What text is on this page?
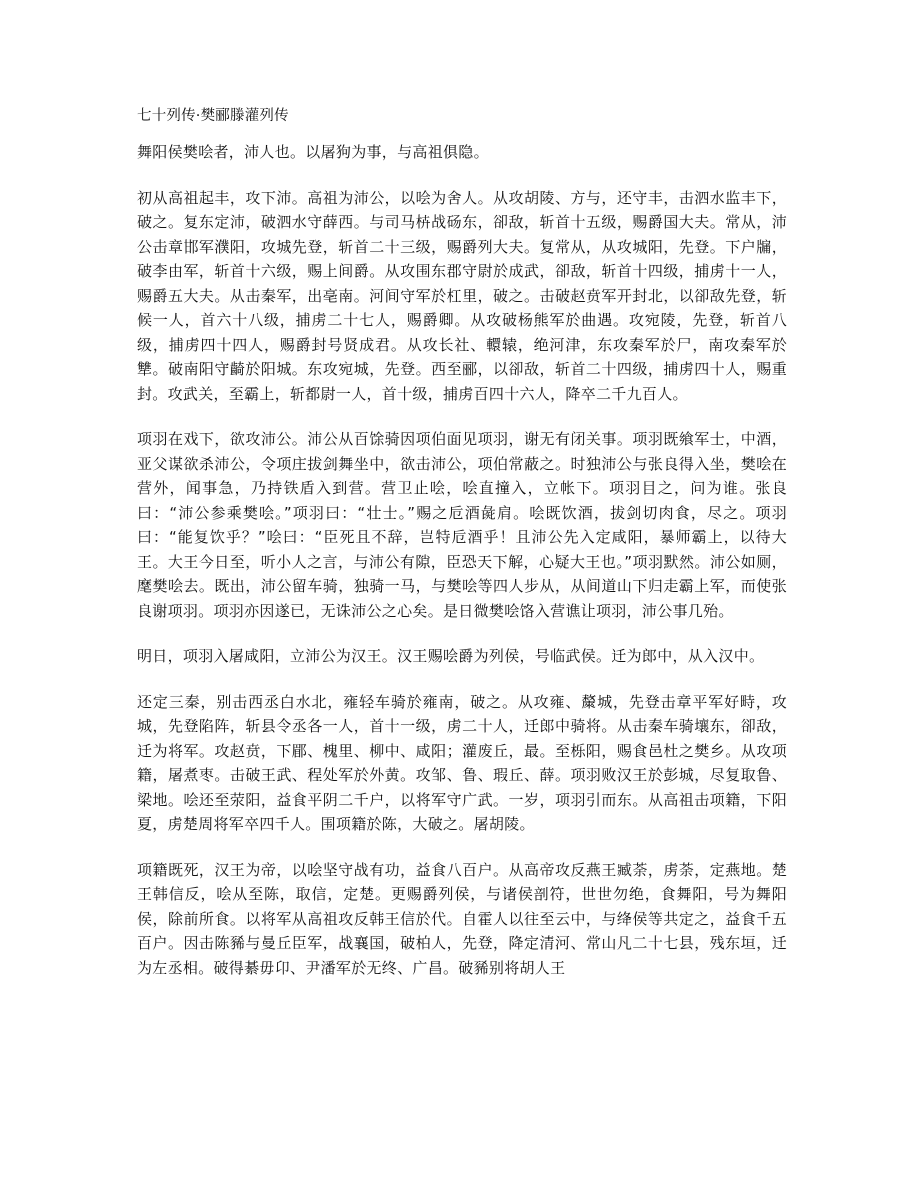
七十列传·樊郦滕灌列传

舞阳侯樊哙者，沛人也。以屠狗为事，与高祖俱隐。

初从高祖起丰，攻下沛。高祖为沛公，以哙为舍人。从攻胡陵、方与，还守丰，击泗水监丰下，破之。复东定沛，破泗水守薛西。与司马枿战砀东，卻敌，斩首十五级，赐爵国大夫。常从，沛公击章邯军濮阳，攻城先登，斩首二十三级，赐爵列大夫。复常从，从攻城阳，先登。下户牖，破李由军，斩首十六级，赐上间爵。从攻围东郡守尉於成武，卻敌，斩首十四级，捕虏十一人，赐爵五大夫。从击秦军，出亳南。河间守军於杠里，破之。击破赵贲军开封北，以卻敌先登，斩候一人，首六十八级，捕虏二十七人，赐爵卿。从攻破杨熊军於曲遇。攻宛陵，先登，斩首八级，捕虏四十四人，赐爵封号贤成君。从攻长社、轘辕，绝河津，东攻秦军於尸，南攻秦军於犨。破南阳守齮於阳城。东攻宛城，先登。西至郦，以卻敌，斩首二十四级，捕虏四十人，赐重封。攻武关，至霸上，斩都尉一人，首十级，捕虏百四十六人，降卒二千九百人。

项羽在戏下，欲攻沛公。沛公从百馀骑因项伯面见项羽，谢无有闭关事。项羽既飨军士，中酒，亚父谋欲杀沛公，令项庄拔剑舞坐中，欲击沛公，项伯常蔽之。时独沛公与张良得入坐，樊哙在营外，闻事急，乃持铁盾入到营。营卫止哙，哙直撞入，立帐下。项羽目之，问为谁。张良曰：“沛公参乘樊哙。”项羽曰：“壮士。”赐之卮酒彘肩。哙既饮酒，拔剑切肉食，尽之。项羽曰：“能复饮乎？”哙曰：“臣死且不辞，岂特卮酒乎！且沛公先入定咸阳，暴师霸上，以待大王。大王今日至，听小人之言，与沛公有隙，臣恐天下解，心疑大王也。”项羽默然。沛公如厕，麾樊哙去。既出，沛公留车骑，独骑一马，与樊哙等四人步从，从间道山下归走霸上军，而使张良谢项羽。项羽亦因遂已，无诛沛公之心矣。是日微樊哙饹入营谯让项羽，沛公事几殆。

明日，项羽入屠咸阳，立沛公为汉王。汉王赐哙爵为列侯，号临武侯。迁为郎中，从入汉中。

还定三秦，别击西丞白水北，雍轻车骑於雍南，破之。从攻雍、斄城，先登击章平军好畤，攻城，先登陷阵，斩县令丞各一人，首十一级，虏二十人，迁郎中骑将。从击秦车骑壤东，卻敌，迁为将军。攻赵贲，下郿、槐里、柳中、咸阳；灌废丘，最。至栎阳，赐食邑杜之樊乡。从攻项籍，屠煮枣。击破王武、程处军於外黄。攻邹、鲁、瑕丘、薛。项羽败汉王於彭城，尽复取鲁、梁地。哙还至荥阳，益食平阴二千户，以将军守广武。一岁，项羽引而东。从高祖击项籍，下阳夏，虏楚周将军卒四千人。围项籍於陈，大破之。屠胡陵。

项籍既死，汉王为帝，以哙坚守战有功，益食八百户。从高帝攻反燕王臧荼，虏荼，定燕地。楚王韩信反，哙从至陈，取信，定楚。更赐爵列侯，与诸侯剖符，世世勿绝，食舞阳，号为舞阳侯，除前所食。以将军从高祖攻反韩王信於代。自霍人以往至云中，与绛侯等共定之，益食千五百户。因击陈豨与曼丘臣军，战襄国，破柏人，先登，降定清河、常山凡二十七县，残东垣，迁为左丞相。破得綦毋卬、尹潘军於无终、广昌。破豨别将胡人王
